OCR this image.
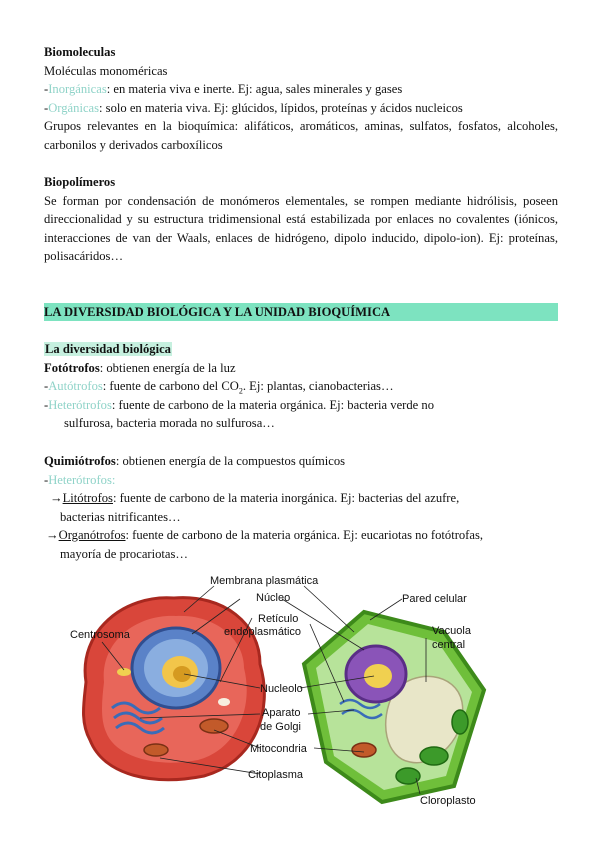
Biomoleculas
Moléculas monoméricas
-Inorgánicas: en materia viva e inerte. Ej: agua, sales minerales y gases
-Orgánicas: solo en materia viva. Ej: glúcidos, lípidos, proteínas y ácidos nucleicos
Grupos relevantes en la bioquímica: alifáticos, aromáticos, aminas, sulfatos, fosfatos, alcoholes, carbonilos y derivados carboxílicos
Biopolímeros
Se forman por condensación de monómeros elementales, se rompen mediante hidrólisis, poseen direccionalidad y su estructura tridimensional está estabilizada por enlaces no covalentes (iónicos, interacciones de van der Waals, enlaces de hidrógeno, dipolo inducido, dipolo-ion). Ej: proteínas, polisacáridos…
LA DIVERSIDAD BIOLÓGICA Y LA UNIDAD BIOQUÍMICA
La diversidad biológica
Fotótrofos: obtienen energía de la luz
-Autótrofos: fuente de carbono del $CO_2$. Ej: plantas, cianobacterias…
-Heterótrofos: fuente de carbono de la materia orgánica. Ej: bacteria verde no
sulfurosa, bacteria morada no sulfurosa…
Quimiótrofos: obtienen energía de la compuestos químicos
-Heterótrofos:
→Litótrofos: fuente de carbono de la materia inorgánica. Ej: bacterias del azufre,
bacterias nitrificantes…
→Organótrofos: fuente de carbono de la materia orgánica. Ej: eucariotas no fotótrofas,
mayoría de procariotas…
Membrana plasmática
Núcleo	Pared celular
Retículo
endoplasmático
Centrosoma	Vacuola
central
Nucleolo
Aparato
de Golgi
Mitocondria
Citoplasma
Cloroplasto
